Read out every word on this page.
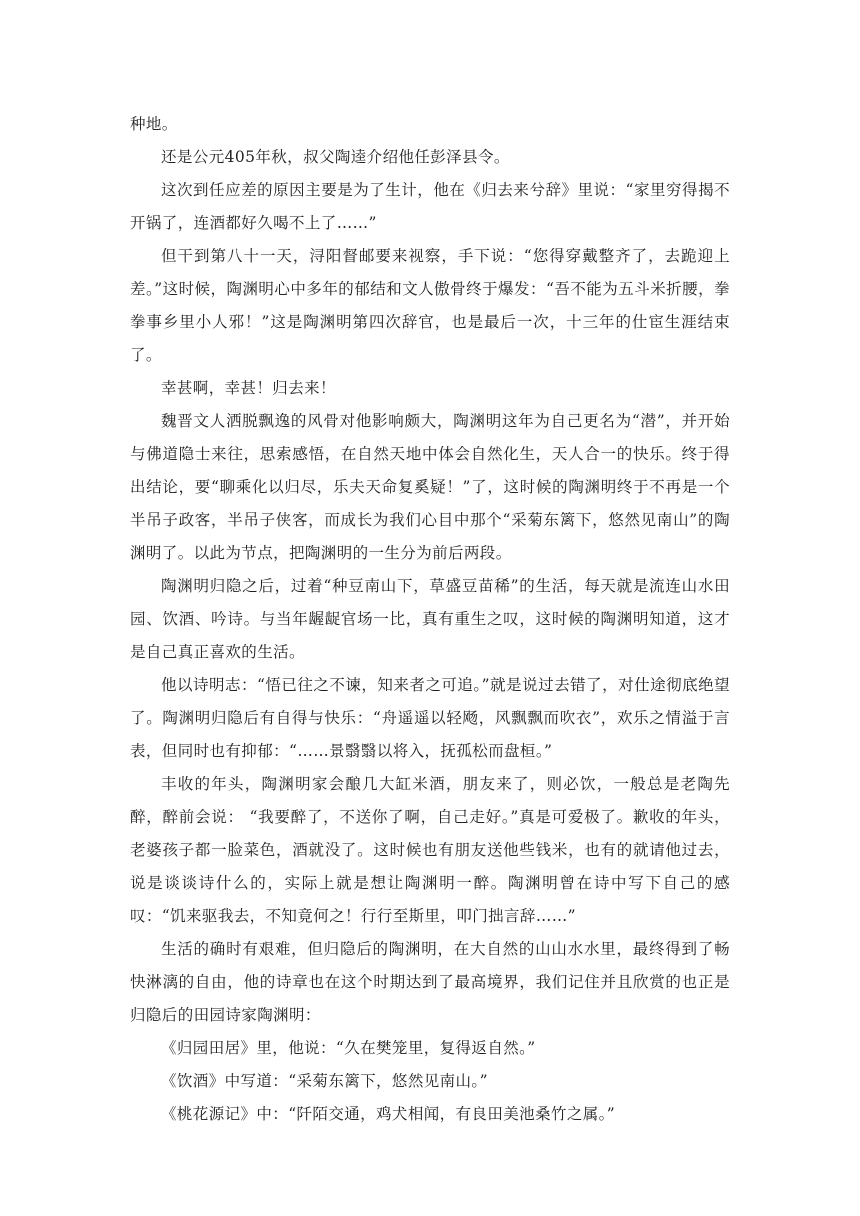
种地。

还是公元405年秋，叔父陶逵介绍他任彭泽县令。

这次到任应差的原因主要是为了生计，他在《归去来兮辞》里说：“家里穷得揭不开锅了，连酒都好久喝不上了……”

但干到第八十一天，浔阳督邮要来视察，手下说：“您得穿戴整齐了，去跪迎上差。”这时候，陶渊明心中多年的郁结和文人傲骨终于爆发：“吾不能为五斗米折腰，拳拳事乡里小人邪！”这是陶渊明第四次辞官，也是最后一次，十三年的仕宦生涯结束了。

幸甚啊，幸甚！归去来！

魏晋文人洒脱飘逸的风骨对他影响颇大，陶渊明这年为自己更名为“潜”，并开始与佛道隐士来往，思索感悟，在自然天地中体会自然化生，天人合一的快乐。终于得出结论，要“聊乘化以归尽，乐夫天命复奚疑！”了，这时候的陶渊明终于不再是一个半吊子政客，半吊子侠客，而成长为我们心目中那个“采菊东篱下，悠然见南山”的陶渊明了。以此为节点，把陶渊明的一生分为前后两段。

陶渊明归隐之后，过着“种豆南山下，草盛豆苗稀”的生活，每天就是流连山水田园、饮酒、吟诗。与当年龌龊官场一比，真有重生之叹，这时候的陶渊明知道，这才是自己真正喜欢的生活。

他以诗明志：“悟已往之不谏，知来者之可追。”就是说过去错了，对仕途彻底绝望了。陶渊明归隐后有自得与快乐：“舟遥遥以轻飏，风飘飘而吹衣”，欢乐之情溢于言表，但同时也有抑郁：“……景翳翳以将入，抚孤松而盘桓。”

丰收的年头，陶渊明家会酿几大缸米酒，朋友来了，则必饮，一般总是老陶先醉，醉前会说： “我要醉了，不送你了啊，自己走好。”真是可爱极了。歉收的年头，老婆孩子都一脸菜色，酒就没了。这时候也有朋友送他些钱米，也有的就请他过去，说是谈谈诗什么的，实际上就是想让陶渊明一醉。陶渊明曾在诗中写下自己的感叹：“饥来驱我去，不知竟何之！行行至斯里，叩门拙言辞……”

生活的确时有艰难，但归隐后的陶渊明，在大自然的山山水水里，最终得到了畅快淋漓的自由，他的诗章也在这个时期达到了最高境界，我们记住并且欣赏的也正是归隐后的田园诗家陶渊明：

《归园田居》里，他说：“久在樊笼里，复得返自然。”

《饮酒》中写道：“采菊东篱下，悠然见南山。”

《桃花源记》中：“阡陌交通，鸡犬相闻，有良田美池桑竹之属。”
